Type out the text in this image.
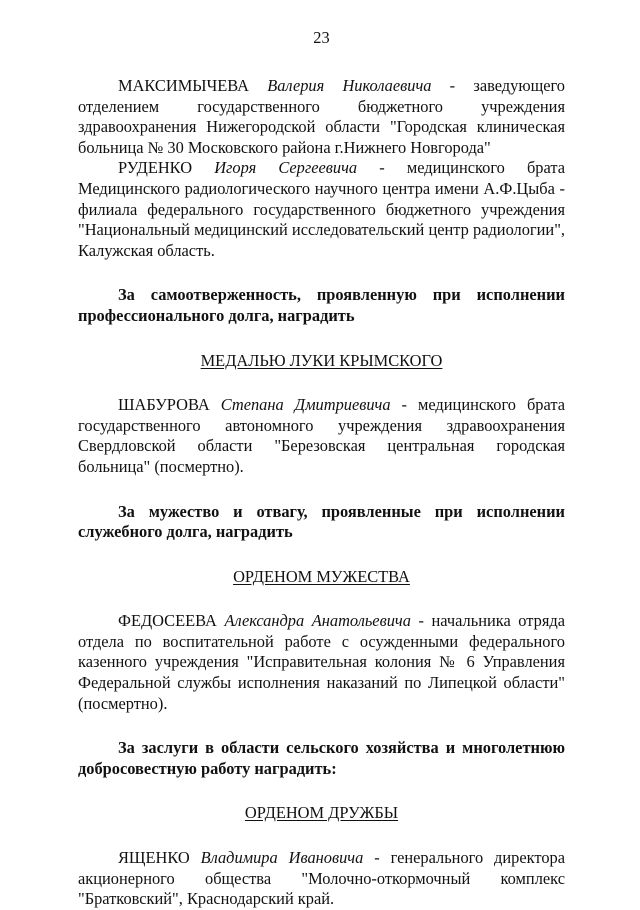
23

МАКСИМЫЧЕВА Валерия Николаевича - заведующего отделением государственного бюджетного учреждения здравоохранения Нижегородской области "Городская клиническая больница № 30 Московского района г.Нижнего Новгорода"

РУДЕНКО Игоря Сергеевича - медицинского брата Медицинского радиологического научного центра имени А.Ф.Цыба - филиала федерального государственного бюджетного учреждения "Национальный медицинский исследовательский центр радиологии", Калужская область.

За самоотверженность, проявленную при исполнении профессионального долга, наградить

МЕДАЛЬЮ ЛУКИ КРЫМСКОГО

ШАБУРОВА Степана Дмитриевича - медицинского брата государственного автономного учреждения здравоохранения Свердловской области "Березовская центральная городская больница" (посмертно).

За мужество и отвагу, проявленные при исполнении служебного долга, наградить

ОРДЕНОМ МУЖЕСТВА

ФЕДОСЕЕВА Александра Анатольевича - начальника отряда отдела по воспитательной работе с осужденными федерального казенного учреждения "Исправительная колония № 6 Управления Федеральной службы исполнения наказаний по Липецкой области" (посмертно).

За заслуги в области сельского хозяйства и многолетнюю добросовестную работу наградить:

ОРДЕНОМ ДРУЖБЫ

ЯЩЕНКО Владимира Ивановича - генерального директора акционерного общества "Молочно-откормочный комплекс "Братковский", Краснодарский край.
